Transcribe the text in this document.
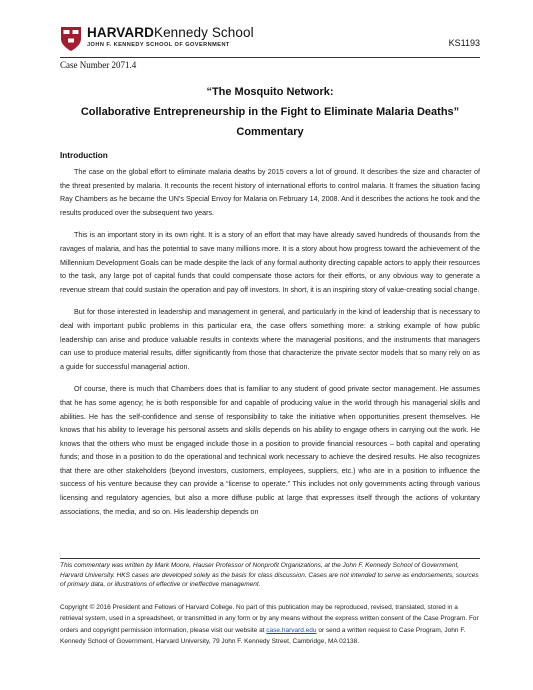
HARVARDKennedy School
JOHN F. KENNEDY SCHOOL OF GOVERNMENT	KS1193
Case Number 2071.4
“The Mosquito Network:
Collaborative Entrepreneurship in the Fight to Eliminate Malaria Deaths”
Commentary
Introduction

The case on the global effort to eliminate malaria deaths by 2015 covers a lot of ground. It describes the size and character of the threat presented by malaria. It recounts the recent history of international efforts to control malaria. It frames the situation facing Ray Chambers as he became the UN’s Special Envoy for Malaria on February 14, 2008. And it describes the actions he took and the results produced over the subsequent two years.

This is an important story in its own right. It is a story of an effort that may have already saved hundreds of thousands from the ravages of malaria, and has the potential to save many millions more. It is a story about how progress toward the achievement of the Millennium Development Goals can be made despite the lack of any formal authority directing capable actors to apply their resources to the task, any large pot of capital funds that could compensate those actors for their efforts, or any obvious way to generate a revenue stream that could sustain the operation and pay off investors. In short, it is an inspiring story of value-creating social change.

But for those interested in leadership and management in general, and particularly in the kind of leadership that is necessary to deal with important public problems in this particular era, the case offers something more: a striking example of how public leadership can arise and produce valuable results in contexts where the managerial positions, and the instruments that managers can use to produce material results, differ significantly from those that characterize the private sector models that so many rely on as a guide for successful managerial action.

Of course, there is much that Chambers does that is familiar to any student of good private sector management. He assumes that he has some agency; he is both responsible for and capable of producing value in the world through his managerial skills and abilities. He has the self-confidence and sense of responsibility to take the initiative when opportunities present themselves. He knows that his ability to leverage his personal assets and skills depends on his ability to engage others in carrying out the work. He knows that the others who must be engaged include those in a position to provide financial resources – both capital and operating funds; and those in a position to do the operational and technical work necessary to achieve the desired results. He also recognizes that there are other stakeholders (beyond investors, customers, employees, suppliers, etc.) who are in a position to influence the success of his venture because they can provide a “license to operate.” This includes not only governments acting through various licensing and regulatory agencies, but also a more diffuse public at large that expresses itself through the actions of voluntary associations, the media, and so on. His leadership depends on

This commentary was written by Mark Moore, Hauser Professor of Nonprofit Organizations, at the John F. Kennedy School of Government, Harvard University. HKS cases are developed solely as the basis for class discussion. Cases are not intended to serve as endorsements, sources of primary data, or illustrations of effective or ineffective management.
Copyright © 2016 President and Fellows of Harvard College. No part of this publication may be reproduced, revised, translated, stored in a retrieval system, used in a spreadsheet, or transmitted in any form or by any means without the express written consent of the Case Program. For orders and copyright permission information, please visit our website at case.harvard.edu or send a written request to Case Program, John F. Kennedy School of Government, Harvard University, 79 John F. Kennedy Street, Cambridge, MA 02138.
